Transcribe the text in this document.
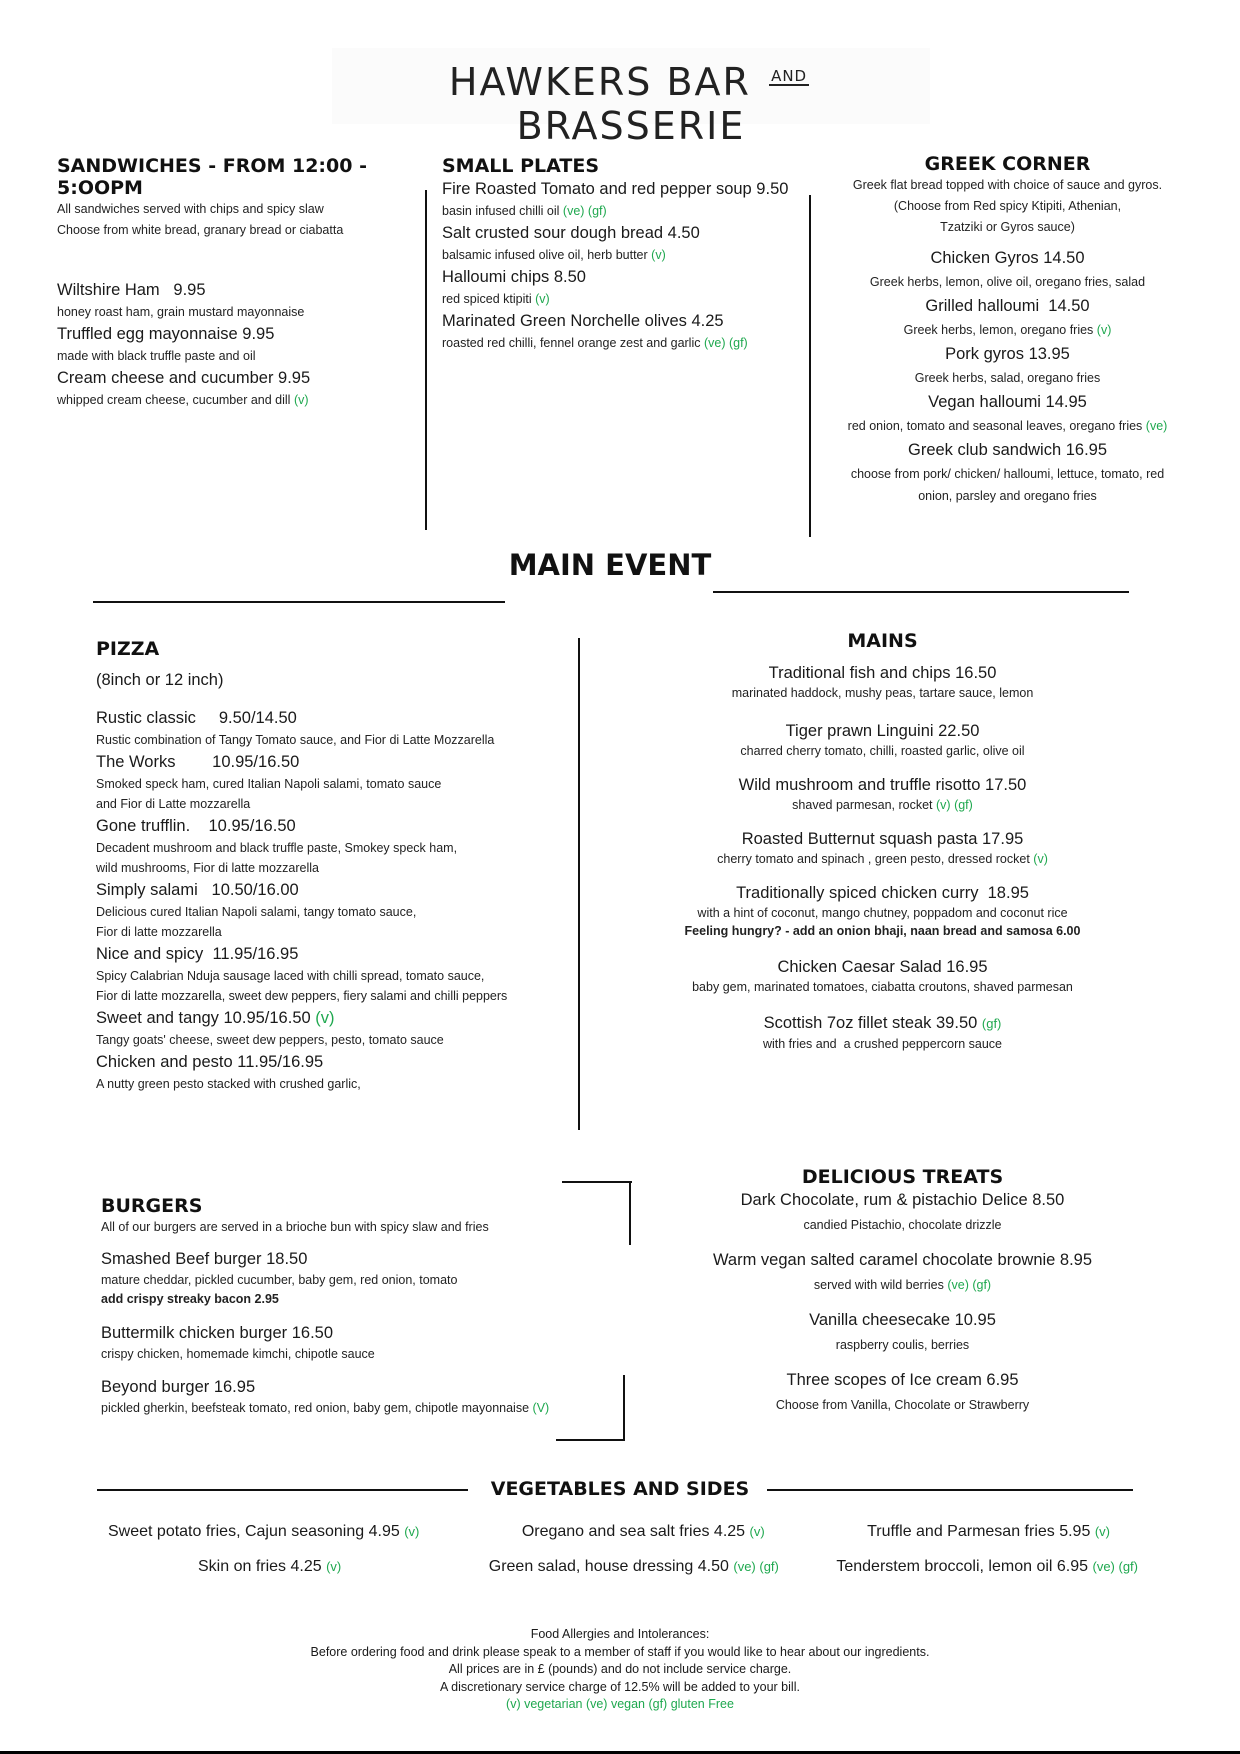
HAWKERS BAR AND BRASSERIE
SANDWICHES - FROM 12:00 - 5:OOPM
All sandwiches served with chips and spicy slaw
Choose from white bread, granary bread or ciabatta
Wiltshire Ham   9.95
honey roast ham, grain mustard mayonnaise
Truffled egg mayonnaise 9.95
made with black truffle paste and oil
Cream cheese and cucumber 9.95
whipped cream cheese, cucumber and dill (v)
SMALL PLATES
Fire Roasted Tomato and red pepper soup 9.50
basin infused chilli oil (ve) (gf)
Salt crusted sour dough bread 4.50
balsamic infused olive oil, herb butter (v)
Halloumi chips 8.50
red spiced ktipiti (v)
Marinated Green Norchelle olives 4.25
roasted red chilli, fennel orange zest and garlic (ve) (gf)
GREEK CORNER
Greek flat bread topped with choice of sauce and gyros.
(Choose from Red spicy Ktipiti, Athenian,
Tzatziki or Gyros sauce)
Chicken Gyros 14.50
Greek herbs, lemon, olive oil, oregano fries, salad
Grilled halloumi  14.50
Greek herbs, lemon, oregano fries (v)
Pork gyros 13.95
Greek herbs, salad, oregano fries
Vegan halloumi 14.95
red onion, tomato and seasonal leaves, oregano fries (ve)
Greek club sandwich 16.95
choose from pork/ chicken/ halloumi, lettuce, tomato, red
onion, parsley and oregano fries
MAIN EVENT
PIZZA
(8inch or 12 inch)
Rustic classic     9.50/14.50
Rustic combination of Tangy Tomato sauce, and Fior di Latte Mozzarella
The Works        10.95/16.50
Smoked speck ham, cured Italian Napoli salami, tomato sauce
and Fior di Latte mozzarella
Gone trufflin.    10.95/16.50
Decadent mushroom and black truffle paste, Smokey speck ham,
wild mushrooms, Fior di latte mozzarella
Simply salami   10.50/16.00
Delicious cured Italian Napoli salami, tangy tomato sauce,
Fior di latte mozzarella
Nice and spicy  11.95/16.95
Spicy Calabrian Nduja sausage laced with chilli spread, tomato sauce,
Fior di latte mozzarella, sweet dew peppers, fiery salami and chilli peppers
Sweet and tangy 10.95/16.50 (v)
Tangy goats' cheese, sweet dew peppers, pesto, tomato sauce
Chicken and pesto 11.95/16.95
A nutty green pesto stacked with crushed garlic,
MAINS
Traditional fish and chips 16.50
marinated haddock, mushy peas, tartare sauce, lemon
Tiger prawn Linguini 22.50
charred cherry tomato, chilli, roasted garlic, olive oil
Wild mushroom and truffle risotto 17.50
shaved parmesan, rocket (v) (gf)
Roasted Butternut squash pasta 17.95
cherry tomato and spinach , green pesto, dressed rocket (v)
Traditionally spiced chicken curry  18.95
with a hint of coconut, mango chutney, poppadom and coconut rice
Feeling hungry? - add an onion bhaji, naan bread and samosa 6.00
Chicken Caesar Salad 16.95
baby gem, marinated tomatoes, ciabatta croutons, shaved parmesan
Scottish 7oz fillet steak 39.50 (gf)
with fries and  a crushed peppercorn sauce
BURGERS
All of our burgers are served in a brioche bun with spicy slaw and fries
Smashed Beef burger 18.50
mature cheddar, pickled cucumber, baby gem, red onion, tomato
add crispy streaky bacon 2.95
Buttermilk chicken burger 16.50
crispy chicken, homemade kimchi, chipotle sauce
Beyond burger 16.95
pickled gherkin, beefsteak tomato, red onion, baby gem, chipotle mayonnaise (V)
DELICIOUS TREATS
Dark Chocolate, rum & pistachio Delice 8.50
candied Pistachio, chocolate drizzle
Warm vegan salted caramel chocolate brownie 8.95
served with wild berries (ve) (gf)
Vanilla cheesecake 10.95
raspberry coulis, berries
Three scopes of Ice cream 6.95
Choose from Vanilla, Chocolate or Strawberry
VEGETABLES AND SIDES
Sweet potato fries, Cajun seasoning 4.95 (v)	Oregano and sea salt fries 4.25 (v)	Truffle and Parmesan fries 5.95 (v)
Skin on fries 4.25 (v)	Green salad, house dressing 4.50 (ve) (gf)	Tenderstem broccoli, lemon oil 6.95 (ve) (gf)
Food Allergies and Intolerances:
Before ordering food and drink please speak to a member of staff if you would like to hear about our ingredients.
All prices are in £ (pounds) and do not include service charge.
A discretionary service charge of 12.5% will be added to your bill.
(v) vegetarian (ve) vegan (gf) gluten Free
